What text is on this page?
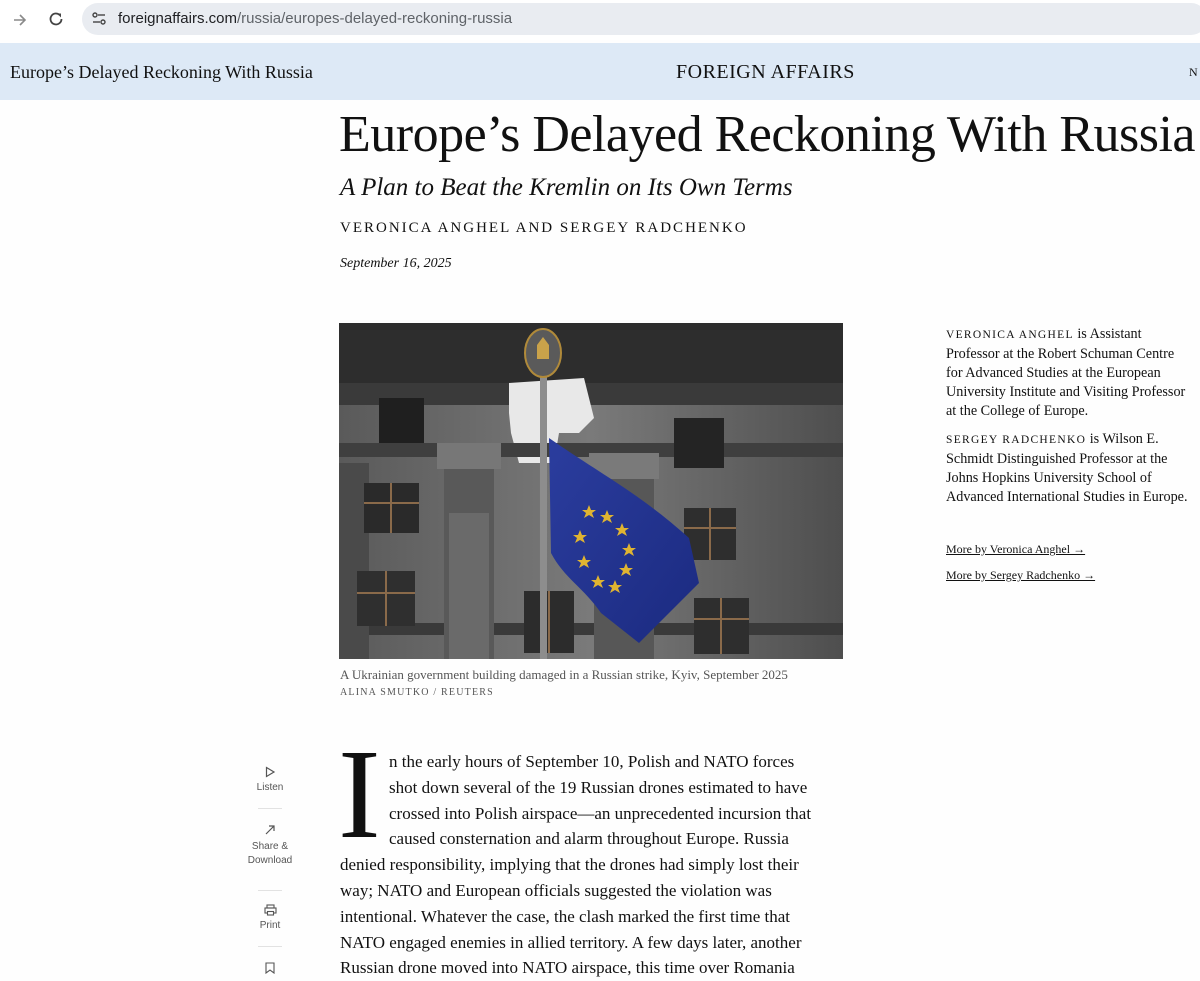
foreignaffairs.com/russia/europes-delayed-reckoning-russia
Europe’s Delayed Reckoning With Russia	FOREIGN AFFAIRS	N
Europe’s Delayed Reckoning With Russia
A Plan to Beat the Kremlin on Its Own Terms
VERONICA ANGHEL AND SERGEY RADCHENKO
September 16, 2025
A Ukrainian government building damaged in a Russian strike, Kyiv, September 2025
ALINA SMUTKO / REUTERS
VERONICA ANGHEL is Assistant Professor at the Robert Schuman Centre for Advanced Studies at the European University Institute and Visiting Professor at the College of Europe.
SERGEY RADCHENKO is Wilson E. Schmidt Distinguished Professor at the Johns Hopkins University School of Advanced International Studies in Europe.
More by Veronica Anghel →
More by Sergey Radchenko →
Listen
Share & Download
Print
I n the early hours of September 10, Polish and NATO forces
shot down several of the 19 Russian drones estimated to have
crossed into Polish airspace—an unprecedented incursion that
caused consternation and alarm throughout Europe. Russia
denied responsibility, implying that the drones had simply lost their
way; NATO and European officials suggested the violation was
intentional. Whatever the case, the clash marked the first time that
NATO engaged enemies in allied territory. A few days later, another
Russian drone moved into NATO airspace, this time over Romania
